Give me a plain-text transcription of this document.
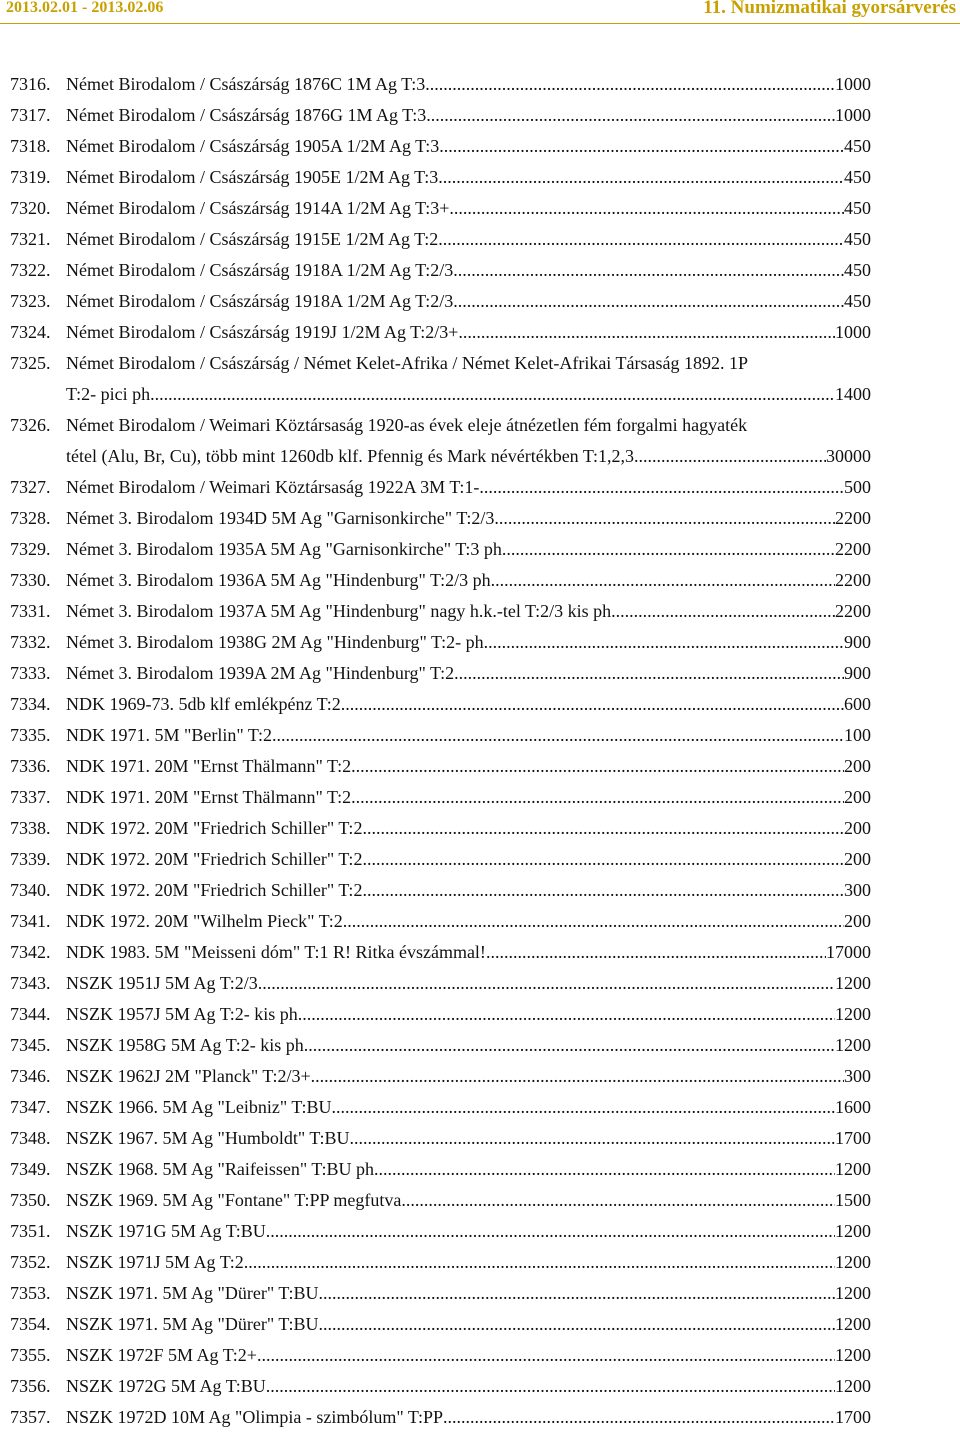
2013.02.01 - 2013.02.06	11. Numizmatikai gyorsárverés
7316. Német Birodalom / Császárság 1876C 1M Ag T:3 .....	1000
7317. Német Birodalom / Császárság 1876G 1M Ag T:3 .....	1000
7318. Német Birodalom / Császárság 1905A 1/2M Ag T:3 .....	450
7319. Német Birodalom / Császárság 1905E 1/2M Ag T:3 .....	450
7320. Német Birodalom / Császárság 1914A 1/2M Ag T:3+ .....	450
7321. Német Birodalom / Császárság 1915E 1/2M Ag T:2 .....	450
7322. Német Birodalom / Császárság 1918A 1/2M Ag T:2/3 .....	450
7323. Német Birodalom / Császárság 1918A 1/2M Ag T:2/3 .....	450
7324. Német Birodalom / Császárság 1919J 1/2M Ag T:2/3+ .....	1000
7325. Német Birodalom / Császárság / Német Kelet-Afrika / Német Kelet-Afrikai Társaság 1892. 1P
T:2- pici ph. .....	1400
7326. Német Birodalom / Weimari Köztársaság 1920-as évek eleje átnézetlen fém forgalmi hagyaték
tétel (Alu, Br, Cu), több mint 1260db klf. Pfennig és Mark névértékben T:1,2,3 .....	30000
7327. Német Birodalom / Weimari Köztársaság 1922A 3M T:1- .....	500
7328. Német 3. Birodalom 1934D 5M Ag "Garnisonkirche" T:2/3 .....	2200
7329. Német 3. Birodalom 1935A 5M Ag "Garnisonkirche" T:3 ph. .....	2200
7330. Német 3. Birodalom 1936A 5M Ag "Hindenburg" T:2/3 ph. .....	2200
7331. Német 3. Birodalom 1937A 5M Ag "Hindenburg" nagy h.k.-tel T:2/3 kis ph. .....	2200
7332. Német 3. Birodalom 1938G 2M Ag "Hindenburg" T:2- ph. .....	900
7333. Német 3. Birodalom 1939A 2M Ag "Hindenburg" T:2 .....	900
7334. NDK 1969-73. 5db klf emlékpénz T:2 .....	600
7335. NDK 1971. 5M "Berlin" T:2 .....	100
7336. NDK 1971. 20M "Ernst Thälmann" T:2 .....	200
7337. NDK 1971. 20M "Ernst Thälmann" T:2 .....	200
7338. NDK 1972. 20M "Friedrich Schiller" T:2 .....	200
7339. NDK 1972. 20M "Friedrich Schiller" T:2 .....	200
7340. NDK 1972. 20M "Friedrich Schiller" T:2 .....	300
7341. NDK 1972. 20M "Wilhelm Pieck" T:2 .....	200
7342. NDK 1983. 5M "Meisseni dóm" T:1 R! Ritka évszámmal! .....	17000
7343. NSZK 1951J 5M Ag T:2/3 .....	1200
7344. NSZK 1957J 5M Ag T:2- kis ph. .....	1200
7345. NSZK 1958G 5M Ag T:2- kis ph. .....	1200
7346. NSZK 1962J 2M "Planck" T:2/3+ .....	300
7347. NSZK 1966. 5M Ag "Leibniz" T:BU .....	1600
7348. NSZK 1967. 5M Ag "Humboldt" T:BU .....	1700
7349. NSZK 1968. 5M Ag "Raifeissen" T:BU ph. .....	1200
7350. NSZK 1969. 5M Ag "Fontane" T:PP megfutva .....	1500
7351. NSZK 1971G 5M Ag T:BU .....	1200
7352. NSZK 1971J 5M Ag T:2 .....	1200
7353. NSZK 1971. 5M Ag "Dürer" T:BU .....	1200
7354. NSZK 1971. 5M Ag "Dürer" T:BU .....	1200
7355. NSZK 1972F 5M Ag T:2+ .....	1200
7356. NSZK 1972G 5M Ag T:BU .....	1200
7357. NSZK 1972D 10M Ag "Olimpia - szimbólum" T:PP .....	1700
